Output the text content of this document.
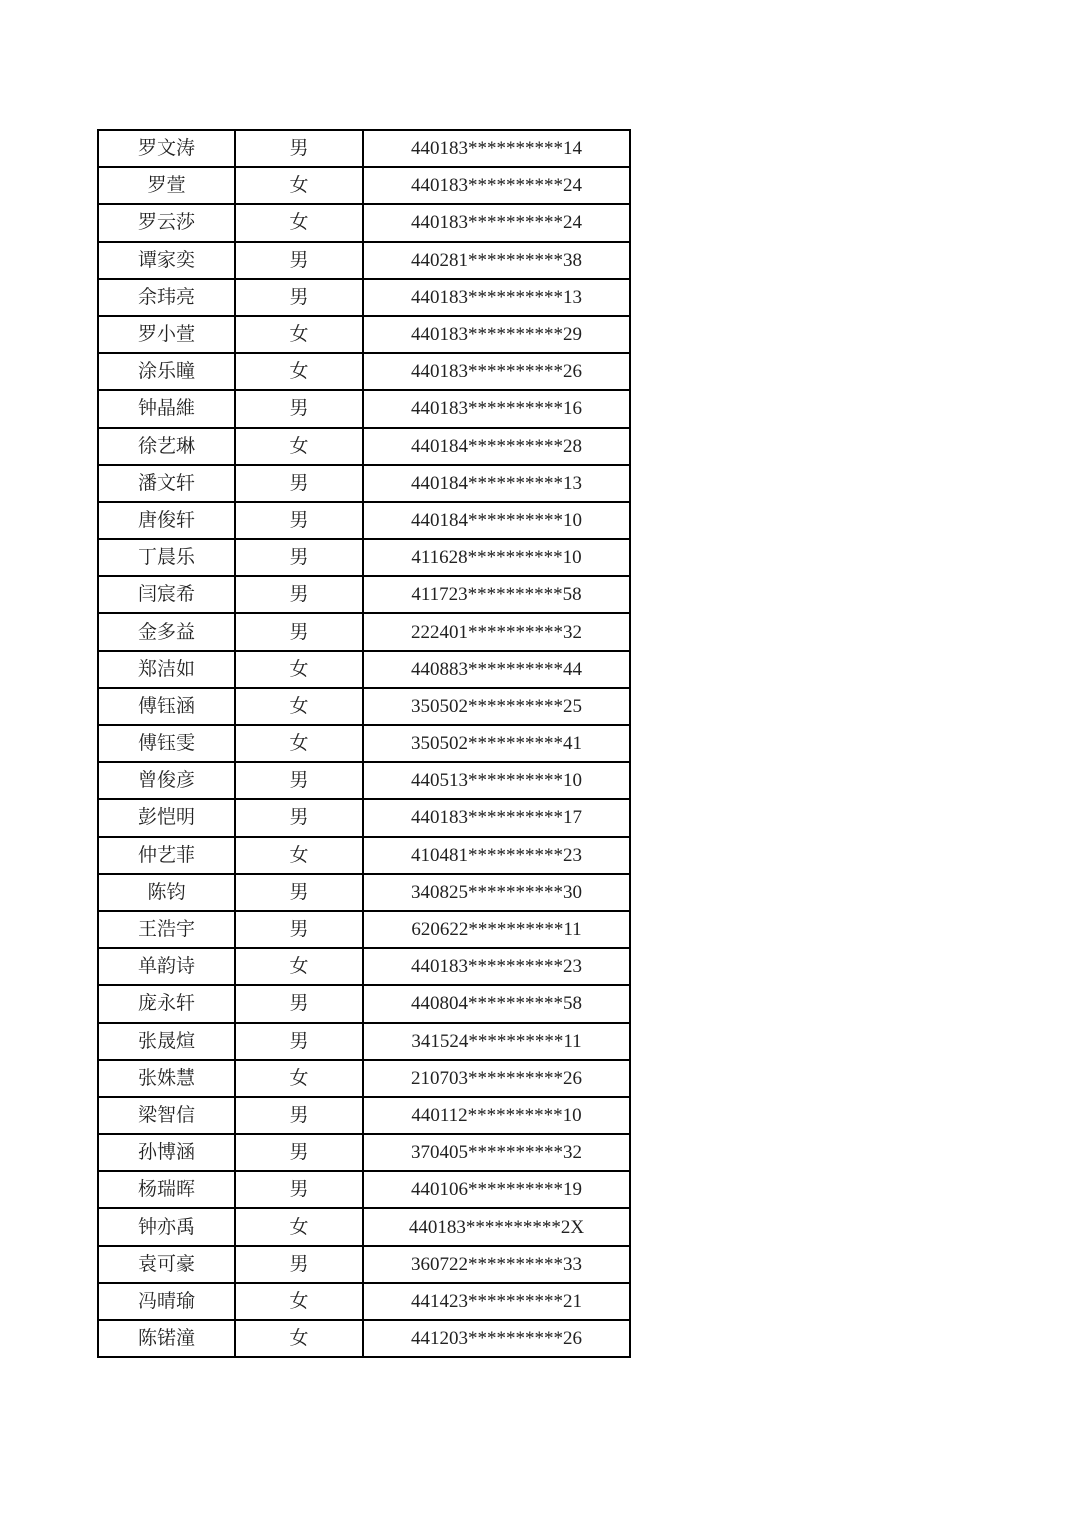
罗文涛	男	440183**********14
罗萱	女	440183**********24
罗云莎	女	440183**********24
谭家奕	男	440281**********38
余玮亮	男	440183**********13
罗小萱	女	440183**********29
涂乐瞳	女	440183**********26
钟晶維	男	440183**********16
徐艺琳	女	440184**********28
潘文轩	男	440184**********13
唐俊轩	男	440184**********10
丁晨乐	男	411628**********10
闫宸希	男	411723**********58
金多益	男	222401**********32
郑洁如	女	440883**********44
傅钰涵	女	350502**********25
傅钰雯	女	350502**********41
曾俊彦	男	440513**********10
彭恺明	男	440183**********17
仲艺菲	女	410481**********23
陈钧	男	340825**********30
王浩宇	男	620622**********11
单韵诗	女	440183**********23
庞永轩	男	440804**********58
张晟煊	男	341524**********11
张姝慧	女	210703**********26
梁智信	男	440112**********10
孙博涵	男	370405**********32
杨瑞晖	男	440106**********19
钟亦禹	女	440183**********2X
袁可豪	男	360722**********33
冯晴瑜	女	441423**********21
陈锘潼	女	441203**********26
